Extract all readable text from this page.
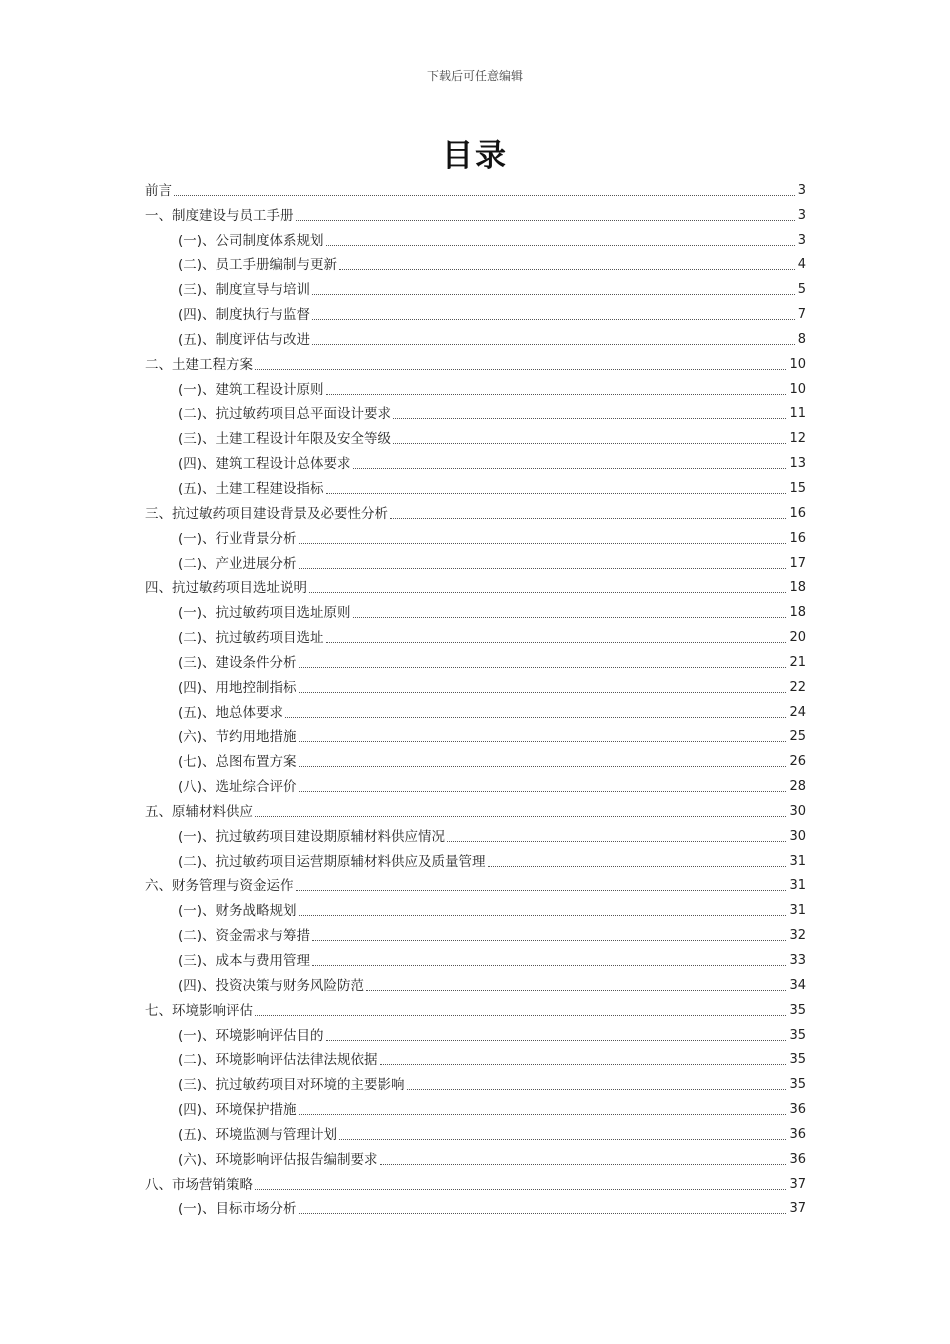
下载后可任意编辑
目录
前言	3
一、制度建设与员工手册	3
(一)、公司制度体系规划	3
(二)、员工手册编制与更新	4
(三)、制度宣导与培训	5
(四)、制度执行与监督	7
(五)、制度评估与改进	8
二、土建工程方案	10
(一)、建筑工程设计原则	10
(二)、抗过敏药项目总平面设计要求	11
(三)、土建工程设计年限及安全等级	12
(四)、建筑工程设计总体要求	13
(五)、土建工程建设指标	15
三、抗过敏药项目建设背景及必要性分析	16
(一)、行业背景分析	16
(二)、产业进展分析	17
四、抗过敏药项目选址说明	18
(一)、抗过敏药项目选址原则	18
(二)、抗过敏药项目选址	20
(三)、建设条件分析	21
(四)、用地控制指标	22
(五)、地总体要求	24
(六)、节约用地措施	25
(七)、总图布置方案	26
(八)、选址综合评价	28
五、原辅材料供应	30
(一)、抗过敏药项目建设期原辅材料供应情况	30
(二)、抗过敏药项目运营期原辅材料供应及质量管理	31
六、财务管理与资金运作	31
(一)、财务战略规划	31
(二)、资金需求与筹措	32
(三)、成本与费用管理	33
(四)、投资决策与财务风险防范	34
七、环境影响评估	35
(一)、环境影响评估目的	35
(二)、环境影响评估法律法规依据	35
(三)、抗过敏药项目对环境的主要影响	35
(四)、环境保护措施	36
(五)、环境监测与管理计划	36
(六)、环境影响评估报告编制要求	36
八、市场营销策略	37
(一)、目标市场分析	37
